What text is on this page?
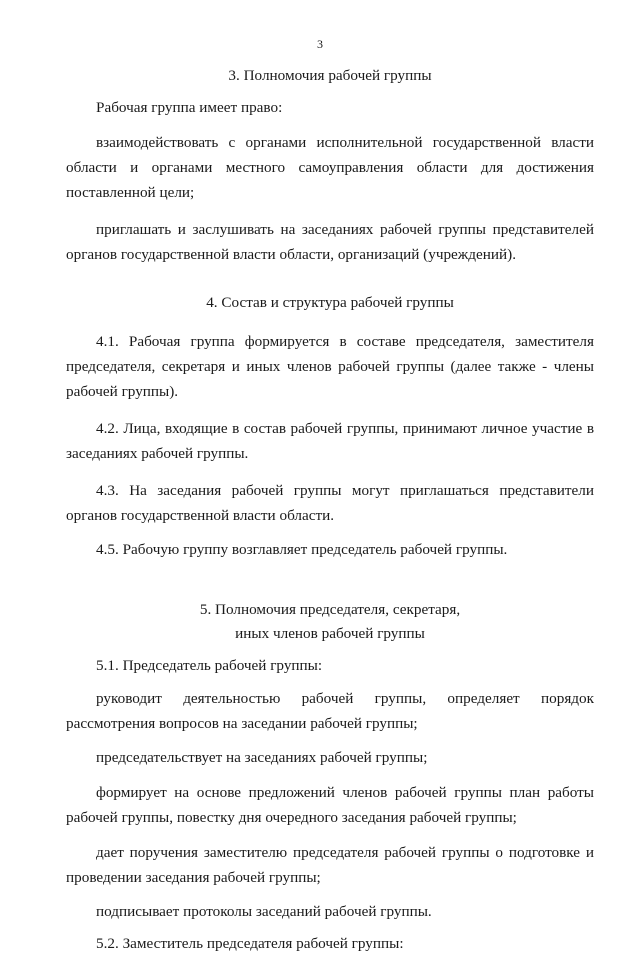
3
3. Полномочия рабочей группы
Рабочая группа имеет право:
взаимодействовать с органами исполнительной государственной власти области и органами местного самоуправления области для достижения поставленной цели;
приглашать и заслушивать на заседаниях рабочей группы представителей органов государственной власти области, организаций (учреждений).
4. Состав и структура рабочей группы
4.1. Рабочая группа формируется в составе председателя, заместителя председателя, секретаря и иных членов рабочей группы (далее также - члены рабочей группы).
4.2. Лица, входящие в состав рабочей группы, принимают личное участие в заседаниях рабочей группы.
4.3. На заседания рабочей группы могут приглашаться представители органов государственной власти области.
4.5. Рабочую группу возглавляет председатель рабочей группы.
5. Полномочия председателя, секретаря,
иных членов рабочей группы
5.1. Председатель рабочей группы:
руководит деятельностью рабочей группы, определяет порядок рассмотрения вопросов на заседании рабочей группы;
председательствует на заседаниях рабочей группы;
формирует на основе предложений членов рабочей группы план работы рабочей группы, повестку дня очередного заседания рабочей группы;
дает поручения заместителю председателя рабочей группы о подготовке и проведении заседания рабочей группы;
подписывает протоколы заседаний рабочей группы.
5.2. Заместитель председателя рабочей группы:
